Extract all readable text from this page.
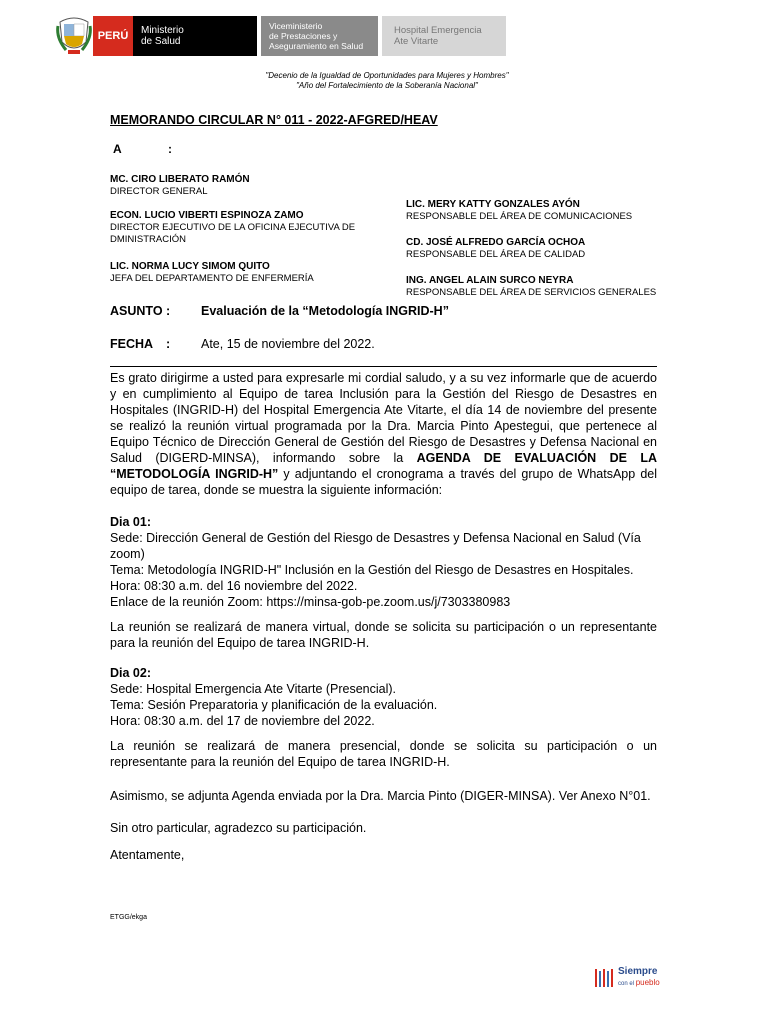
PERÚ Ministerio
de Salud
Viceministerio
de Prestaciones y
Aseguramiento en Salud
Hospital Emergencia
Ate Vitarte
"Decenio de la Igualdad de Oportunidades para Mujeres y Hombres"
"Año del Fortalecimiento de la Soberanía Nacional"
MEMORANDO CIRCULAR N° 011 - 2022-AFGRED/HEAV
A	:
MC. CIRO LIBERATO RAMÓN
DIRECTOR GENERAL
ECON. LUCIO VIBERTI ESPINOZA ZAMO
DIRECTOR EJECUTIVO DE LA OFICINA EJECUTIVA DE
DMINISTRACIÓN
LIC. NORMA LUCY SIMOM QUITO
JEFA DEL DEPARTAMENTO DE ENFERMERÍA
LIC. MERY KATTY GONZALES AYÓN
RESPONSABLE DEL ÁREA DE COMUNICACIONES
CD. JOSÉ ALFREDO GARCÍA OCHOA
RESPONSABLE DEL ÁREA DE CALIDAD
ING. ANGEL ALAIN SURCO NEYRA
RESPONSABLE DEL ÁREA DE SERVICIOS GENERALES
ASUNTO : Evaluación de la “Metodología INGRID-H”
FECHA : Ate, 15 de noviembre del 2022.
Es grato dirigirme a usted para expresarle mi cordial saludo, y a su vez informarle que de acuerdo y en cumplimiento al Equipo de tarea Inclusión para la Gestión del Riesgo de Desastres en Hospitales (INGRID-H) del Hospital Emergencia Ate Vitarte, el día 14 de noviembre del presente se realizó la reunión virtual programada por la Dra. Marcia Pinto Apestegui, que pertenece al Equipo Técnico de Dirección General de Gestión del Riesgo de Desastres y Defensa Nacional en Salud (DIGERD-MINSA), informando sobre la AGENDA DE EVALUACIÓN DE LA “METODOLOGÍA INGRID-H” y adjuntando el cronograma a través del grupo de WhatsApp del equipo de tarea, donde se muestra la siguiente información:
Dia 01:
Sede: Dirección General de Gestión del Riesgo de Desastres y Defensa Nacional en Salud (Vía zoom)
Tema: Metodología INGRID-H" Inclusión en la Gestión del Riesgo de Desastres en Hospitales.
Hora: 08:30 a.m. del 16 noviembre del 2022.
Enlace de la reunión Zoom: https://minsa-gob-pe.zoom.us/j/7303380983
La reunión se realizará de manera virtual, donde se solicita su participación o un representante para la reunión del Equipo de tarea INGRID-H.
Dia 02:
Sede: Hospital Emergencia Ate Vitarte (Presencial).
Tema: Sesión Preparatoria y planificación de la evaluación.
Hora: 08:30 a.m. del 17 de noviembre del 2022.
La reunión se realizará de manera presencial, donde se solicita su participación o un representante para la reunión del Equipo de tarea INGRID-H.
Asimismo, se adjunta Agenda enviada por la Dra. Marcia Pinto (DIGER-MINSA). Ver Anexo N°01.
Sin otro particular, agradezco su participación.
Atentamente,
ETGG/ekga
Siempre
con el pueblo
